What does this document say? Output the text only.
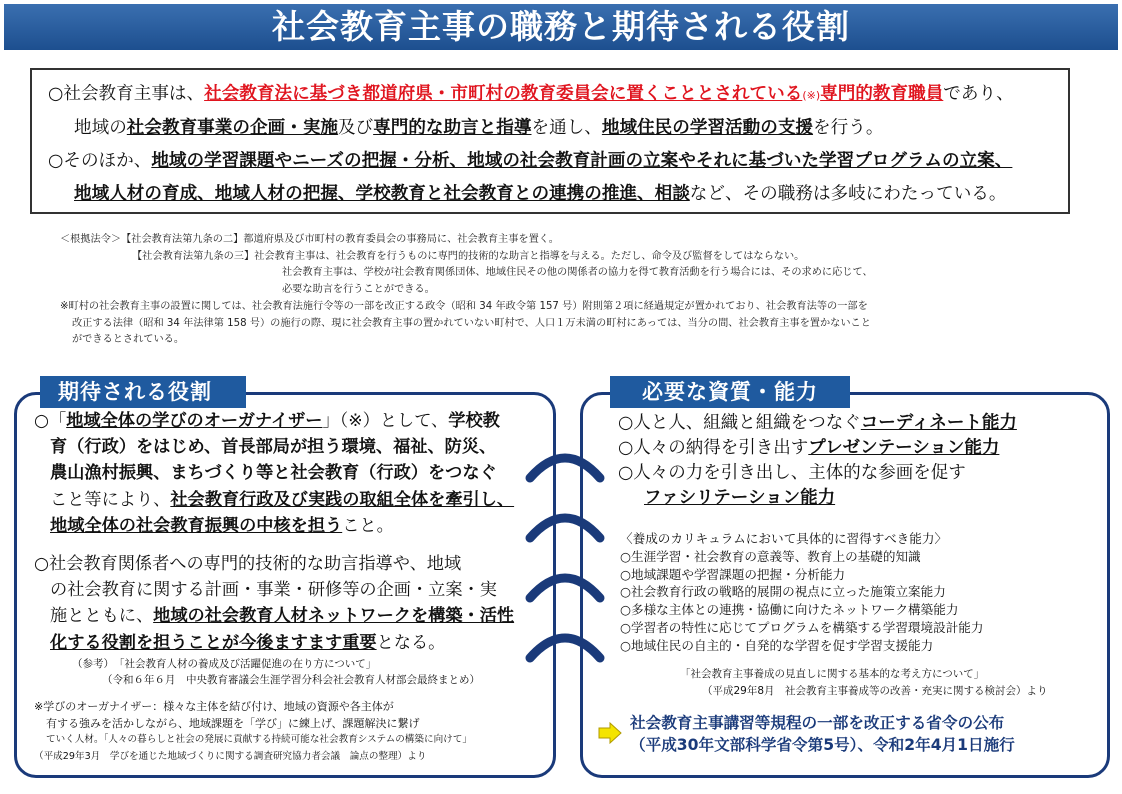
社会教育主事の職務と期待される役割

○社会教育主事は、社会教育法に基づき都道府県・市町村の教育委員会に置くこととされている(※)専門的教育職員であり、

地域の社会教育事業の企画・実施及び専門的な助言と指導を通し、地域住民の学習活動の支援を行う。

○そのほか、地域の学習課題やニーズの把握・分析、地域の社会教育計画の立案やそれに基づいた学習プログラムの立案、

地域人材の育成、地域人材の把握、学校教育と社会教育との連携の推進、相談など、その職務は多岐にわたっている。

＜根拠法令＞【社会教育法第九条の二】都道府県及び市町村の教育委員会の事務局に、社会教育主事を置く。
【社会教育法第九条の三】社会教育主事は、社会教育を行うものに専門的技術的な助言と指導を与える。ただし、命令及び監督をしてはならない。
社会教育主事は、学校が社会教育関係団体、地域住民その他の関係者の協力を得て教育活動を行う場合には、その求めに応じて、
必要な助言を行うことができる。
※町村の社会教育主事の設置に関しては、社会教育法施行令等の一部を改正する政令（昭和 34 年政令第 157 号）附則第２項に経過規定が置かれており、社会教育法等の一部を
改正する法律（昭和 34 年法律第 158 号）の施行の際、現に社会教育主事の置かれていない町村で、人口１万未満の町村にあっては、当分の間、社会教育主事を置かないこと
ができるとされている。
期待される役割

○「地域全体の学びのオーガナイザー」（※）として、学校教

育（行政）をはじめ、首長部局が担う環境、福祉、防災、

農山漁村振興、まちづくり等と社会教育（行政）をつなぐ

こと等により、社会教育行政及び実践の取組全体を牽引し、

地域全体の社会教育振興の中核を担うこと。

○社会教育関係者への専門的技術的な助言指導や、地域

の社会教育に関する計画・事業・研修等の企画・立案・実

施とともに、地域の社会教育人材ネットワークを構築・活性

化する役割を担うことが今後ますます重要となる。

（参考）　「社会教育人材の養成及び活躍促進の在り方について」
（令和６年６月　中央教育審議会生涯学習分科会社会教育人材部会最終まとめ）
※学びのオーガナイザー：様々な主体を結び付け、地域の資源や各主体が
有する強みを活かしながら、地域課題を「学び」に練上げ、課題解決に繋げ
ていく人材。「人々の暮らしと社会の発展に貢献する持続可能な社会教育システムの構築に向けて」
（平成29年3月　学びを通じた地域づくりに関する調査研究協力者会議　論点の整理）より
必要な資質・能力

○人と人、組織と組織をつなぐコーディネート能力

○人々の納得を引き出すプレゼンテーション能力

○人々の力を引き出し、主体的な参画を促す

ファシリテーション能力

〈養成のカリキュラムにおいて具体的に習得すべき能力〉
○生涯学習・社会教育の意義等、教育上の基礎的知識
○地域課題や学習課題の把握・分析能力
○社会教育行政の戦略的展開の視点に立った施策立案能力
○多様な主体との連携・協働に向けたネットワーク構築能力
○学習者の特性に応じてプログラムを構築する学習環境設計能力
○地域住民の自主的・自発的な学習を促す学習支援能力
「社会教育主事養成の見直しに関する基本的な考え方について」
（平成29年8月　社会教育主事養成等の改善・充実に関する検討会）より
社会教育主事講習等規程の一部を改正する省令の公布
（平成30年文部科学省令第5号）、令和2年4月1日施行
